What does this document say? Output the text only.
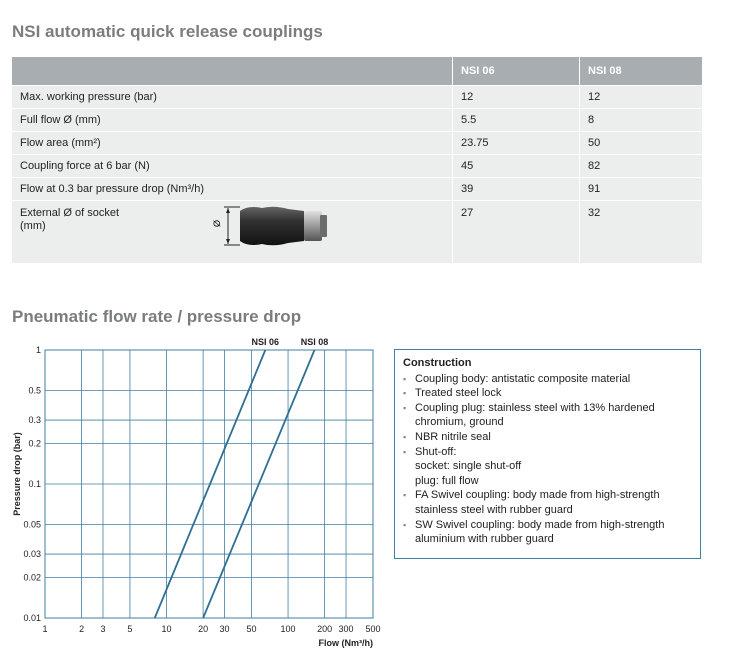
NSI automatic quick release couplings
	NSI 06	NSI 08
Max. working pressure (bar)	12	12
Full flow Ø (mm)	5.5	8
Flow area (mm²)	23.75	50
Coupling force at 6 bar (N)	45	82
Flow at 0.3 bar pressure drop (Nm³/h)	39	91

External Ø of socket
(mm) Ø	27	32
Pneumatic flow rate / pressure drop
1	2 3 5	10	20 30 50	100 200 300 500
0.01
0.02
0.03
0.05
0.1
0.2
0.3
0.5
1
NSI 06 NSI 08
Flow (Nm³/h)
Pressure drop (bar)
Construction
▪ Coupling body: antistatic composite material
▪ Treated steel lock
▪ Coupling plug: stainless steel with 13% hardened
chromium, ground
▪ NBR nitrile seal
▪ Shut-off:
socket: single shut-off
plug: full flow
▪ FA Swivel coupling: body made from high-strength
stainless steel with rubber guard
▪ SW Swivel coupling: body made from high-strength
aluminium with rubber guard
